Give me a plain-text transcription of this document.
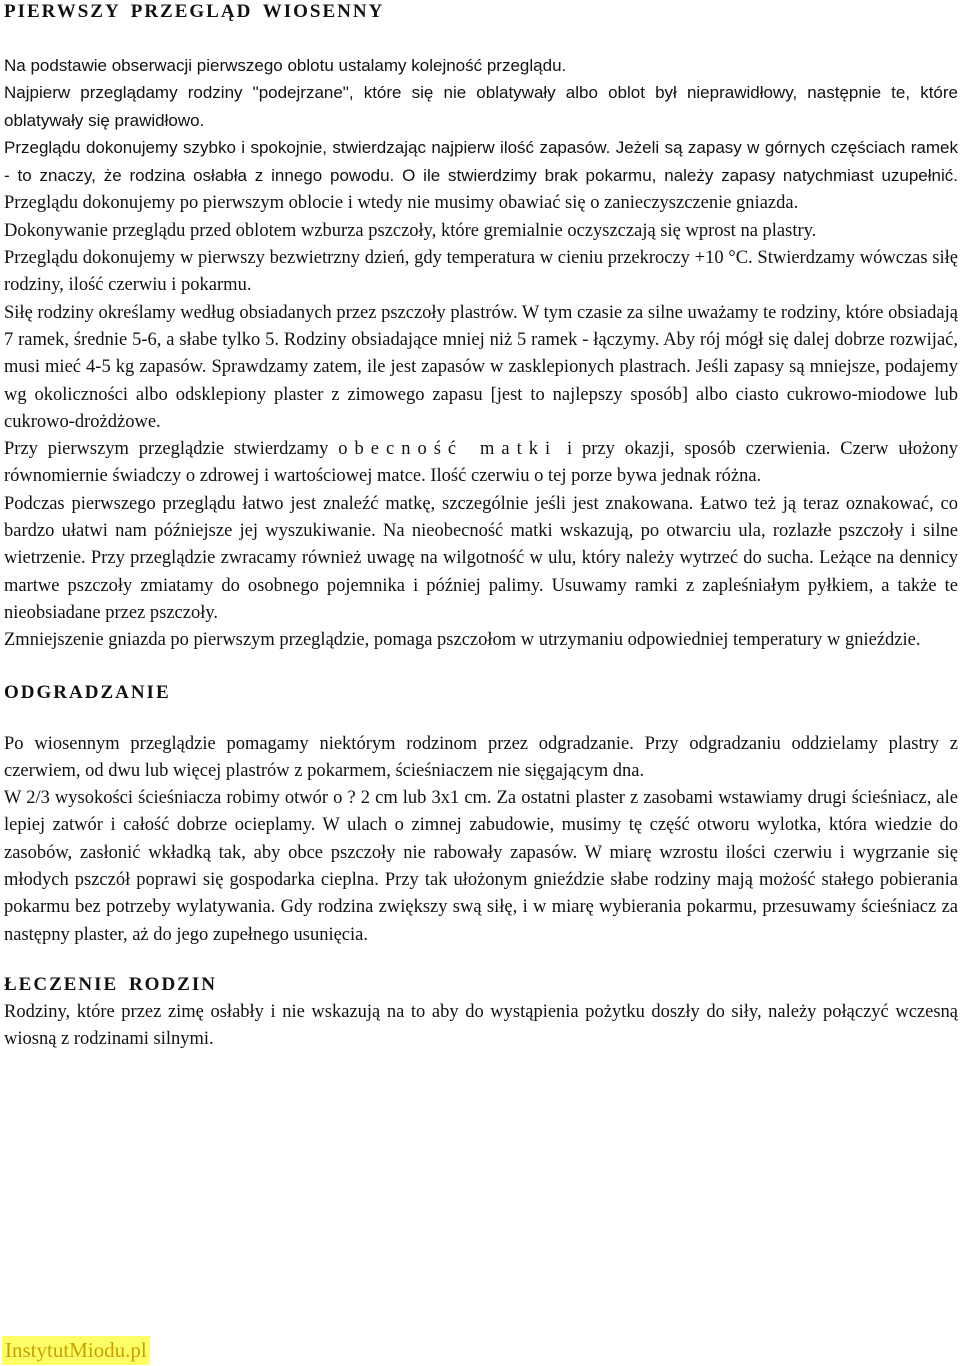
PIERWSZY PRZEGLĄD WIOSENNY

Na podstawie obserwacji pierwszego oblotu ustalamy kolejność przeglądu.

Najpierw przeglądamy rodziny "podejrzane", które się nie oblatywały albo oblot był nieprawidłowy, następnie te, które oblatywały się prawidłowo.

Przeglądu dokonujemy szybko i spokojnie, stwierdzając najpierw ilość zapasów. Jeżeli są zapasy w górnych częściach ramek - to znaczy, że rodzina osłabła z innego powodu. O ile stwierdzimy brak pokarmu, należy zapasy natychmiast uzupełnić. Przeglądu dokonujemy po pierwszym oblocie i wtedy nie musimy obawiać się o zanieczyszczenie gniazda.

Dokonywanie przeglądu przed oblotem wzburza pszczoły, które gremialnie oczyszczają się wprost na plastry.

Przeglądu dokonujemy w pierwszy bezwietrzny dzień, gdy temperatura w cieniu przekroczy +10 °C. Stwierdzamy wówczas siłę rodziny, ilość czerwiu i pokarmu.

Siłę rodziny określamy według obsiadanych przez pszczoły plastrów. W tym czasie za silne uważamy te rodziny, które obsiadają 7 ramek, średnie 5-6, a słabe tylko 5. Rodziny obsiadające mniej niż 5 ramek - łączymy. Aby rój mógł się dalej dobrze rozwijać, musi mieć 4-5 kg zapasów. Sprawdzamy zatem, ile jest zapasów w zasklepionych plastrach. Jeśli zapasy są mniejsze, podajemy wg okoliczności albo odsklepiony plaster z zimowego zapasu [jest to najlepszy sposób] albo ciasto cukrowo-miodowe lub cukrowo-drożdżowe.

Przy pierwszym przeglądzie stwierdzamy obecność matki i przy okazji, sposób czerwienia. Czerw ułożony równomiernie świadczy o zdrowej i wartościowej matce. Ilość czerwiu o tej porze bywa jednak różna.

Podczas pierwszego przeglądu łatwo jest znaleźć matkę, szczególnie jeśli jest znakowana. Łatwo też ją teraz oznakować, co bardzo ułatwi nam późniejsze jej wyszukiwanie. Na nieobecność matki wskazują, po otwarciu ula, rozlazłe pszczoły i silne wietrzenie. Przy przeglądzie zwracamy również uwagę na wilgotność w ulu, który należy wytrzeć do sucha. Leżące na dennicy martwe pszczoły zmiatamy do osobnego pojemnika i później palimy. Usuwamy ramki z zapleśniałym pyłkiem, a także te nieobsiadane przez pszczoły.

Zmniejszenie gniazda po pierwszym przeglądzie, pomaga pszczołom w utrzymaniu odpowiedniej temperatury w gnieździe.

ODGRADZANIE

Po wiosennym przeglądzie pomagamy niektórym rodzinom przez odgradzanie. Przy odgradzaniu oddzielamy plastry z czerwiem, od dwu lub więcej plastrów z pokarmem, ścieśniaczem nie sięgającym dna.

W 2/3 wysokości ścieśniacza robimy otwór o ? 2 cm lub 3x1 cm. Za ostatni plaster z zasobami wstawiamy drugi ścieśniacz, ale lepiej zatwór i całość dobrze ocieplamy. W ulach o zimnej zabudowie, musimy tę część otworu wylotka, która wiedzie do zasobów, zasłonić wkładką tak, aby obce pszczoły nie rabowały zapasów. W miarę wzrostu ilości czerwiu i wygrzanie się młodych pszczół poprawi się gospodarka cieplna. Przy tak ułożonym gnieździe słabe rodziny mają możość stałego pobierania pokarmu bez potrzeby wylatywania. Gdy rodzina zwiększy swą siłę, i w miarę wybierania pokarmu, przesuwamy ścieśniacz za następny plaster, aż do jego zupełnego usunięcia.

ŁECZENIE RODZIN

Rodziny, które przez zimę osłabły i nie wskazują na to aby do wystąpienia pożytku doszły do siły, należy połączyć wczesną wiosną z rodzinami silnymi.

InstytutMiodu.pl
